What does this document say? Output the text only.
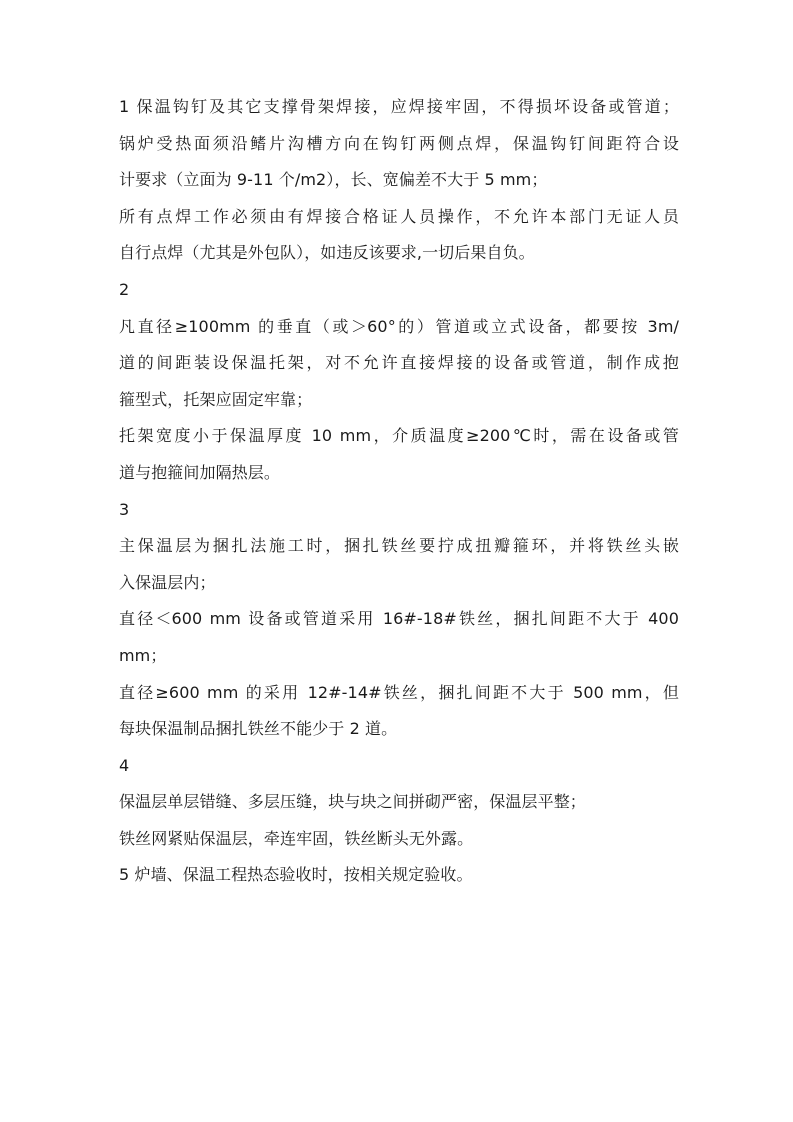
1 保温钩钉及其它支撑骨架焊接，应焊接牢固，不得损坏设备或管道；
锅炉受热面须沿鳍片沟槽方向在钩钉两侧点焊，保温钩钉间距符合设
计要求（立面为 9-11 个/m2），长、宽偏差不大于 5 mm；
所有点焊工作必须由有焊接合格证人员操作，不允许本部门无证人员
自行点焊（尤其是外包队），如违反该要求,一切后果自负。
2
凡直径≥100mm 的垂直（或＞60°的）管道或立式设备，都要按 3m/
道的间距装设保温托架，对不允许直接焊接的设备或管道，制作成抱
箍型式，托架应固定牢靠；
托架宽度小于保温厚度 10 mm，介质温度≥200℃时，需在设备或管
道与抱箍间加隔热层。
3
主保温层为捆扎法施工时，捆扎铁丝要拧成扭瓣箍环，并将铁丝头嵌
入保温层内；
直径＜600 mm 设备或管道采用 16#-18#铁丝，捆扎间距不大于 400
mm；
直径≥600 mm 的采用 12#-14#铁丝，捆扎间距不大于 500 mm，但
每块保温制品捆扎铁丝不能少于 2 道。
4
保温层单层错缝、多层压缝，块与块之间拼砌严密，保温层平整；
铁丝网紧贴保温层，牵连牢固，铁丝断头无外露。
5 炉墙、保温工程热态验收时，按相关规定验收。
